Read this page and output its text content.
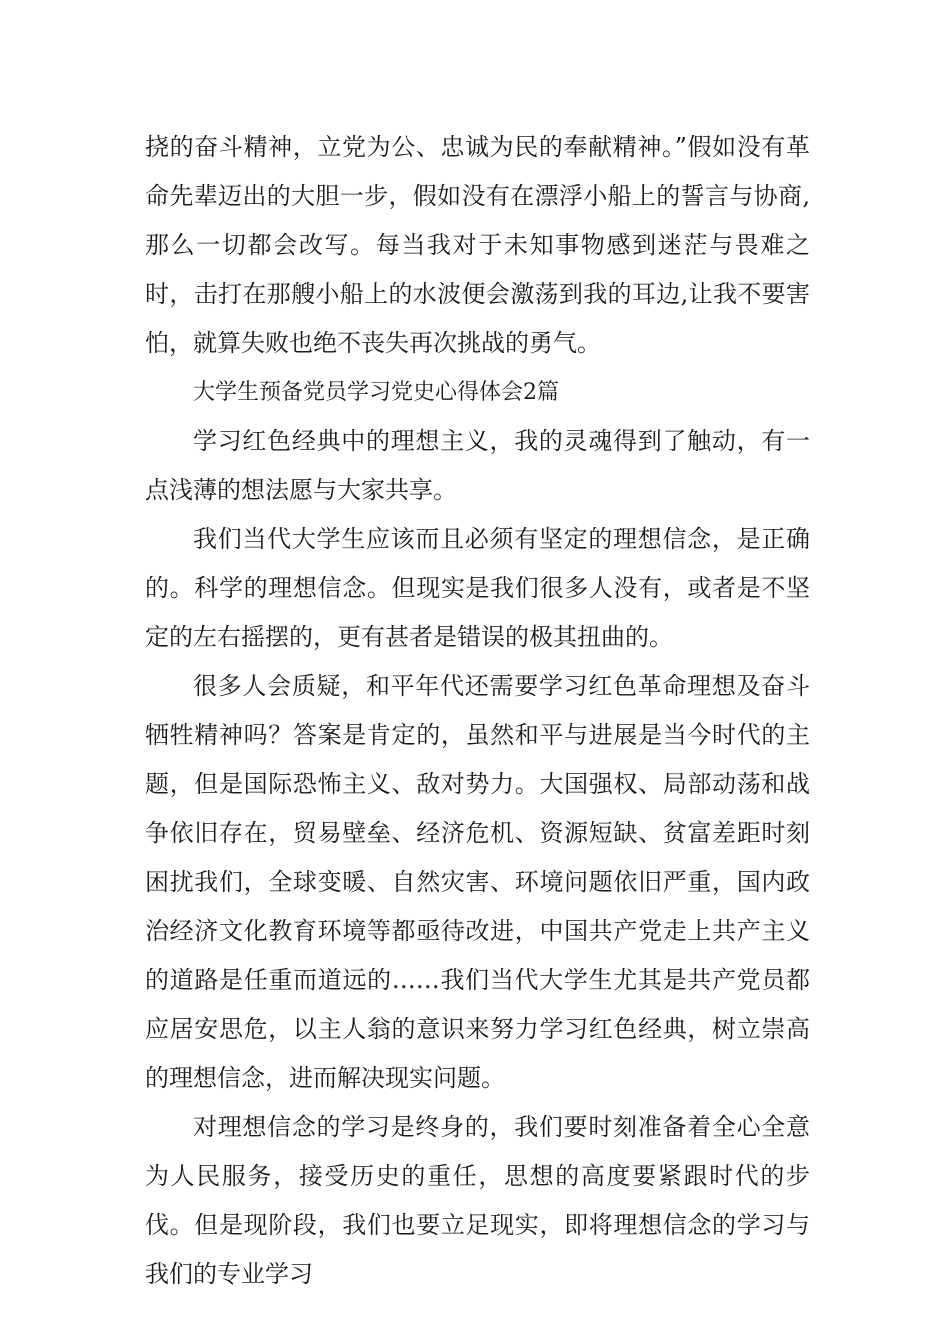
挠的奋斗精神，立党为公、忠诚为民的奉献精神。”假如没有革命先辈迈出的大胆一步，假如没有在漂浮小船上的誓言与协商,那么一切都会改写。每当我对于未知事物感到迷茫与畏难之时，击打在那艘小船上的水波便会激荡到我的耳边,让我不要害怕，就算失败也绝不丧失再次挑战的勇气。

大学生预备党员学习党史心得体会2篇

学习红色经典中的理想主义，我的灵魂得到了触动，有一点浅薄的想法愿与大家共享。

我们当代大学生应该而且必须有坚定的理想信念，是正确的。科学的理想信念。但现实是我们很多人没有，或者是不坚定的左右摇摆的，更有甚者是错误的极其扭曲的。

很多人会质疑，和平年代还需要学习红色革命理想及奋斗牺牲精神吗？答案是肯定的，虽然和平与进展是当今时代的主题，但是国际恐怖主义、敌对势力。大国强权、局部动荡和战争依旧存在，贸易壁垒、经济危机、资源短缺、贫富差距时刻困扰我们，全球变暖、自然灾害、环境问题依旧严重，国内政治经济文化教育环境等都亟待改进，中国共产党走上共产主义的道路是任重而道远的……我们当代大学生尤其是共产党员都应居安思危，以主人翁的意识来努力学习红色经典，树立崇高的理想信念，进而解决现实问题。

对理想信念的学习是终身的，我们要时刻准备着全心全意为人民服务，接受历史的重任，思想的高度要紧跟时代的步伐。但是现阶段，我们也要立足现实，即将理想信念的学习与我们的专业学习
